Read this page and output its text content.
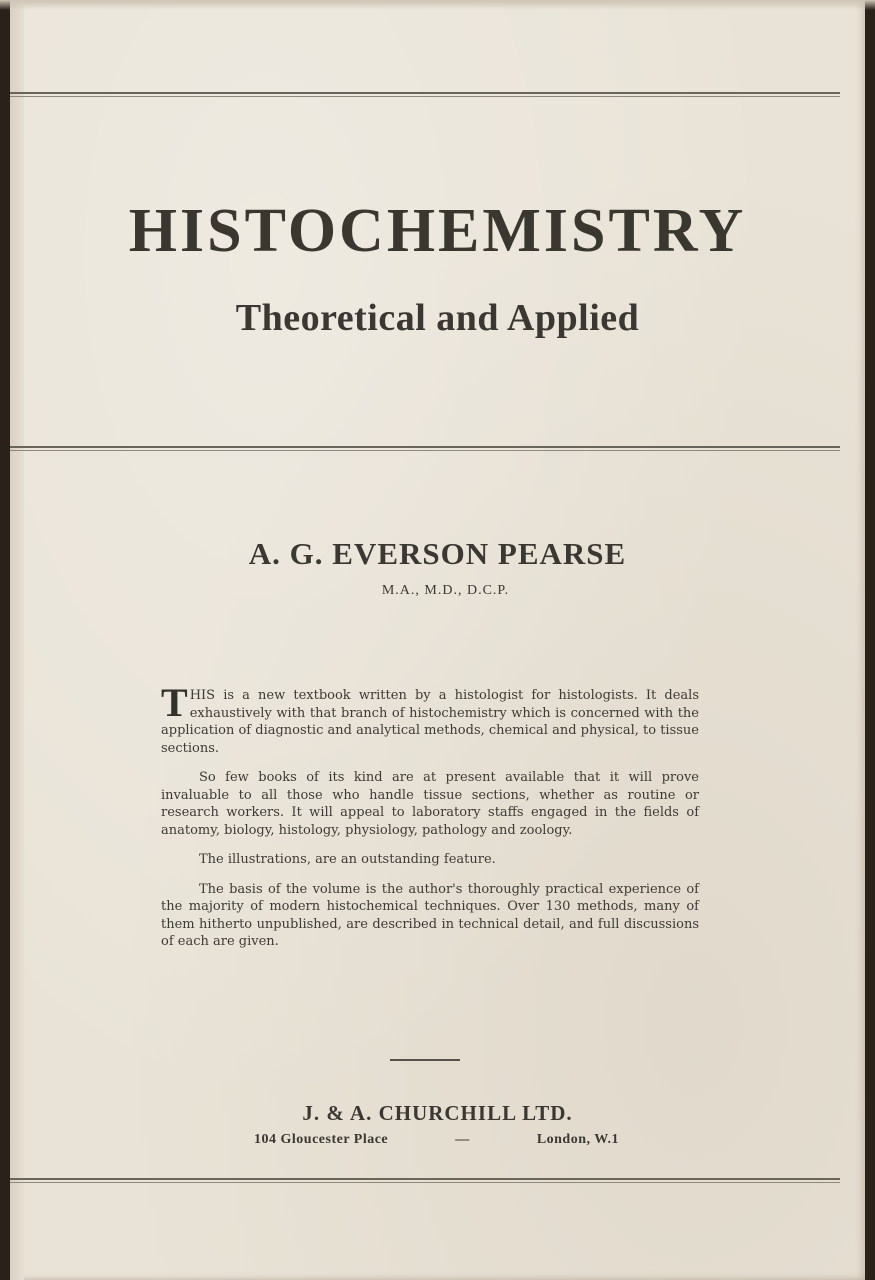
HISTOCHEMISTRY
Theoretical and Applied
A. G. EVERSON PEARSE
M.A., M.D., D.C.P.

THIS is a new textbook written by a histologist for histologists. It deals exhaustively with that branch of histochemistry which is concerned with the application of diagnostic and analytical methods, chemical and physical, to tissue sections.

So few books of its kind are at present available that it will prove invaluable to all those who handle tissue sections, whether as routine or research workers. It will appeal to laboratory staffs engaged in the fields of anatomy, biology, histology, physiology, pathology and zoology.

The illustrations, are an outstanding feature.

The basis of the volume is the author's thoroughly practical experience of the majority of modern histochemical techniques. Over 130 methods, many of them hitherto unpublished, are described in technical detail, and full discussions of each are given.

J. & A. CHURCHILL LTD.
104 Gloucester Place	—	London, W.1
